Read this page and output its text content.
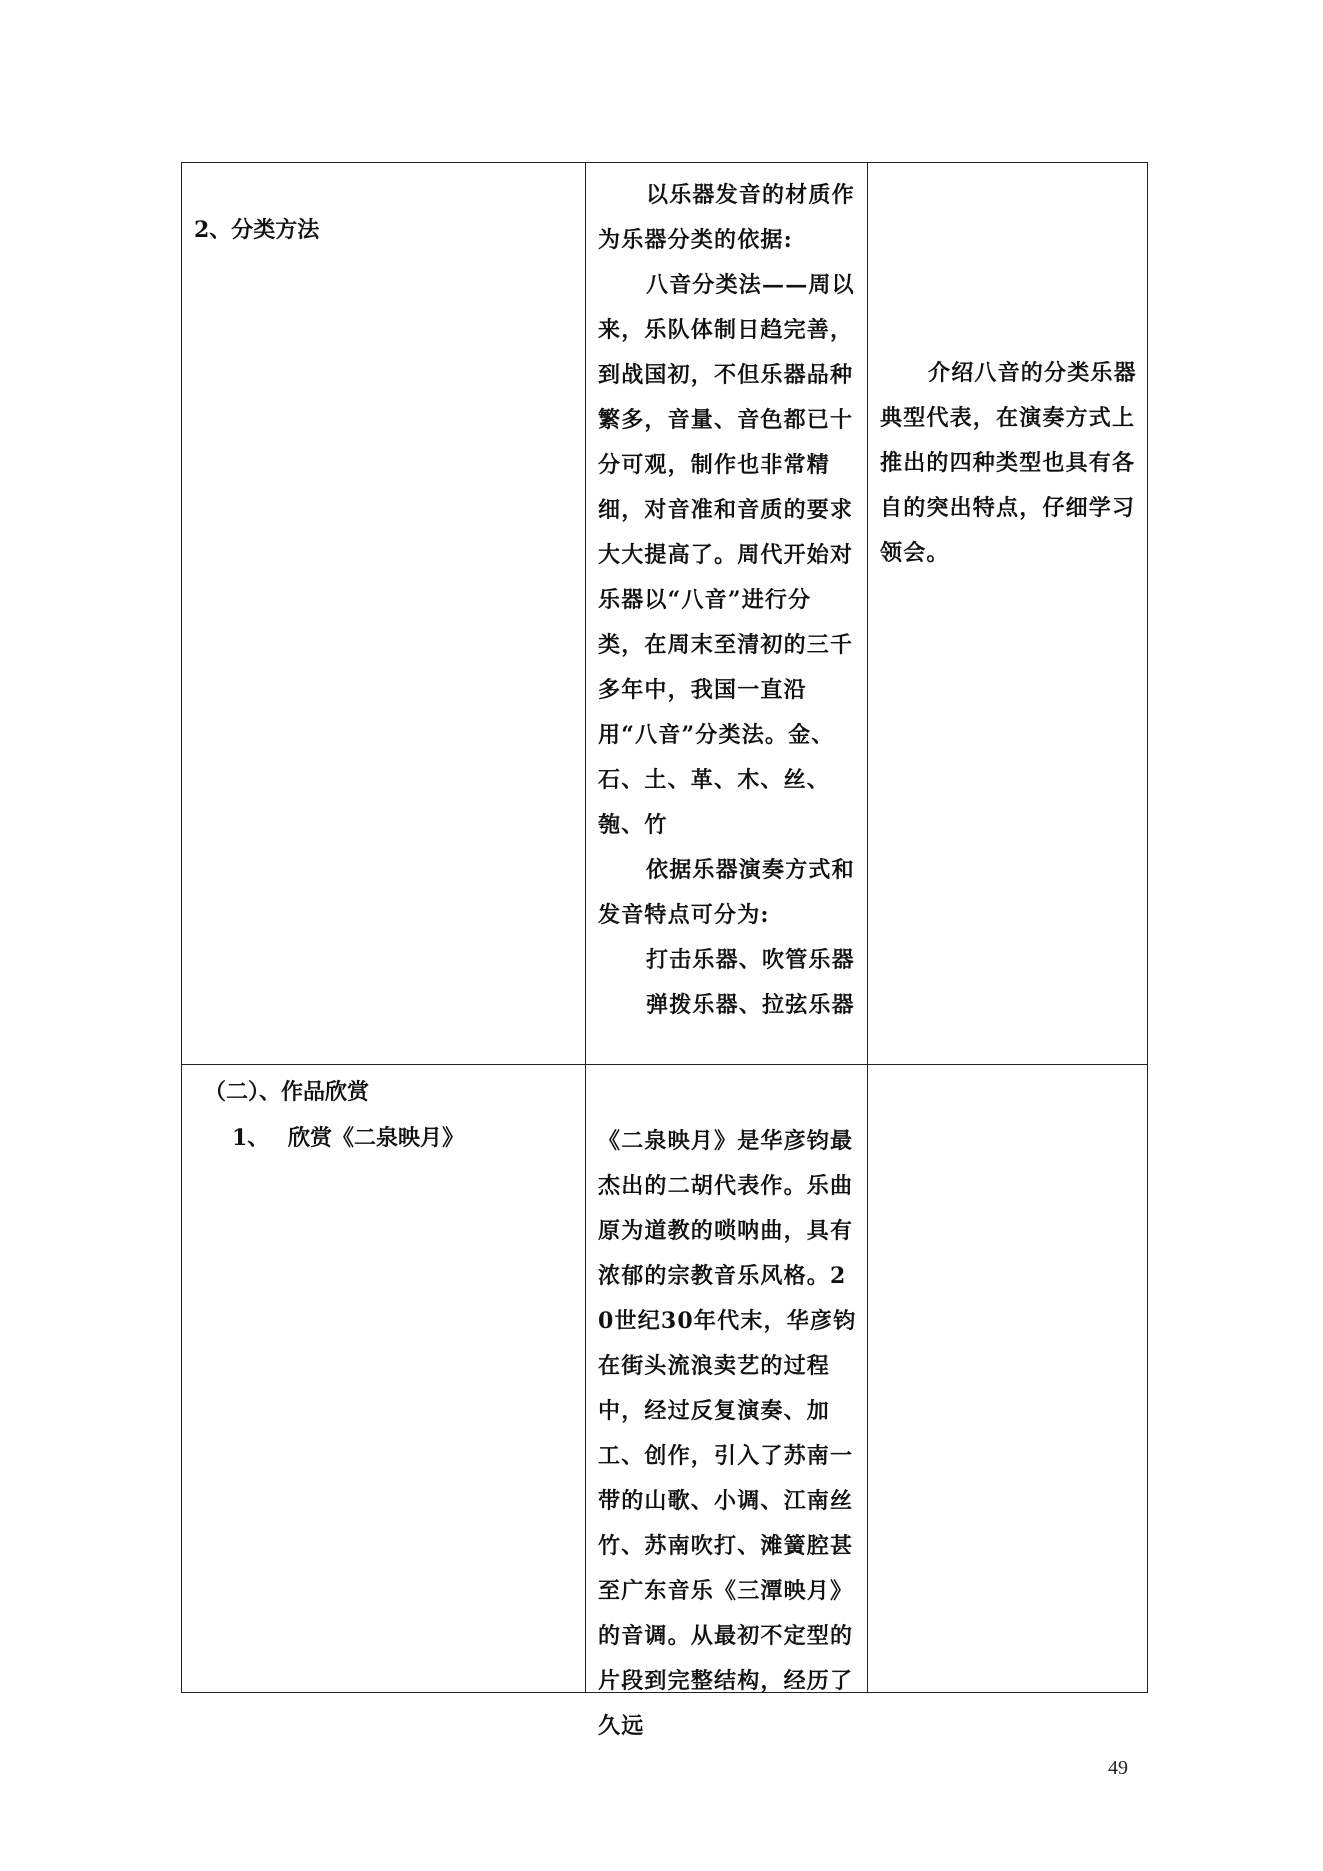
2、分类方法	以乐器发音的材质作为乐器分类的依据:

八音分类法——周以来，乐队体制日趋完善，到战国初，不但乐器品种繁多，音量、音色都已十分可观，制作也非常精细，对音准和音质的要求大大提高了。周代开始对乐器以“八音”进行分类，在周末至清初的三千多年中，我国一直沿用“八音”分类法。金、石、土、革、木、丝、匏、竹

依据乐器演奏方式和发音特点可分为:

打击乐器、吹管乐器

弹拨乐器、拉弦乐器	介绍八音的分类乐器典型代表，在演奏方式上推出的四种类型也具有各自的突出特点，仔细学习领会。

（二）、作品欣赏
1、 欣赏《二泉映月》	《二泉映月》是华彦钧最杰出的二胡代表作。乐曲原为道教的唢呐曲，具有浓郁的宗教音乐风格。20世纪30年代末，华彦钧在街头流浪卖艺的过程中，经过反复演奏、加工、创作，引入了苏南一带的山歌、小调、江南丝竹、苏南吹打、滩簧腔甚至广东音乐《三潭映月》的音调。从最初不定型的片段到完整结构，经历了久远	

49
